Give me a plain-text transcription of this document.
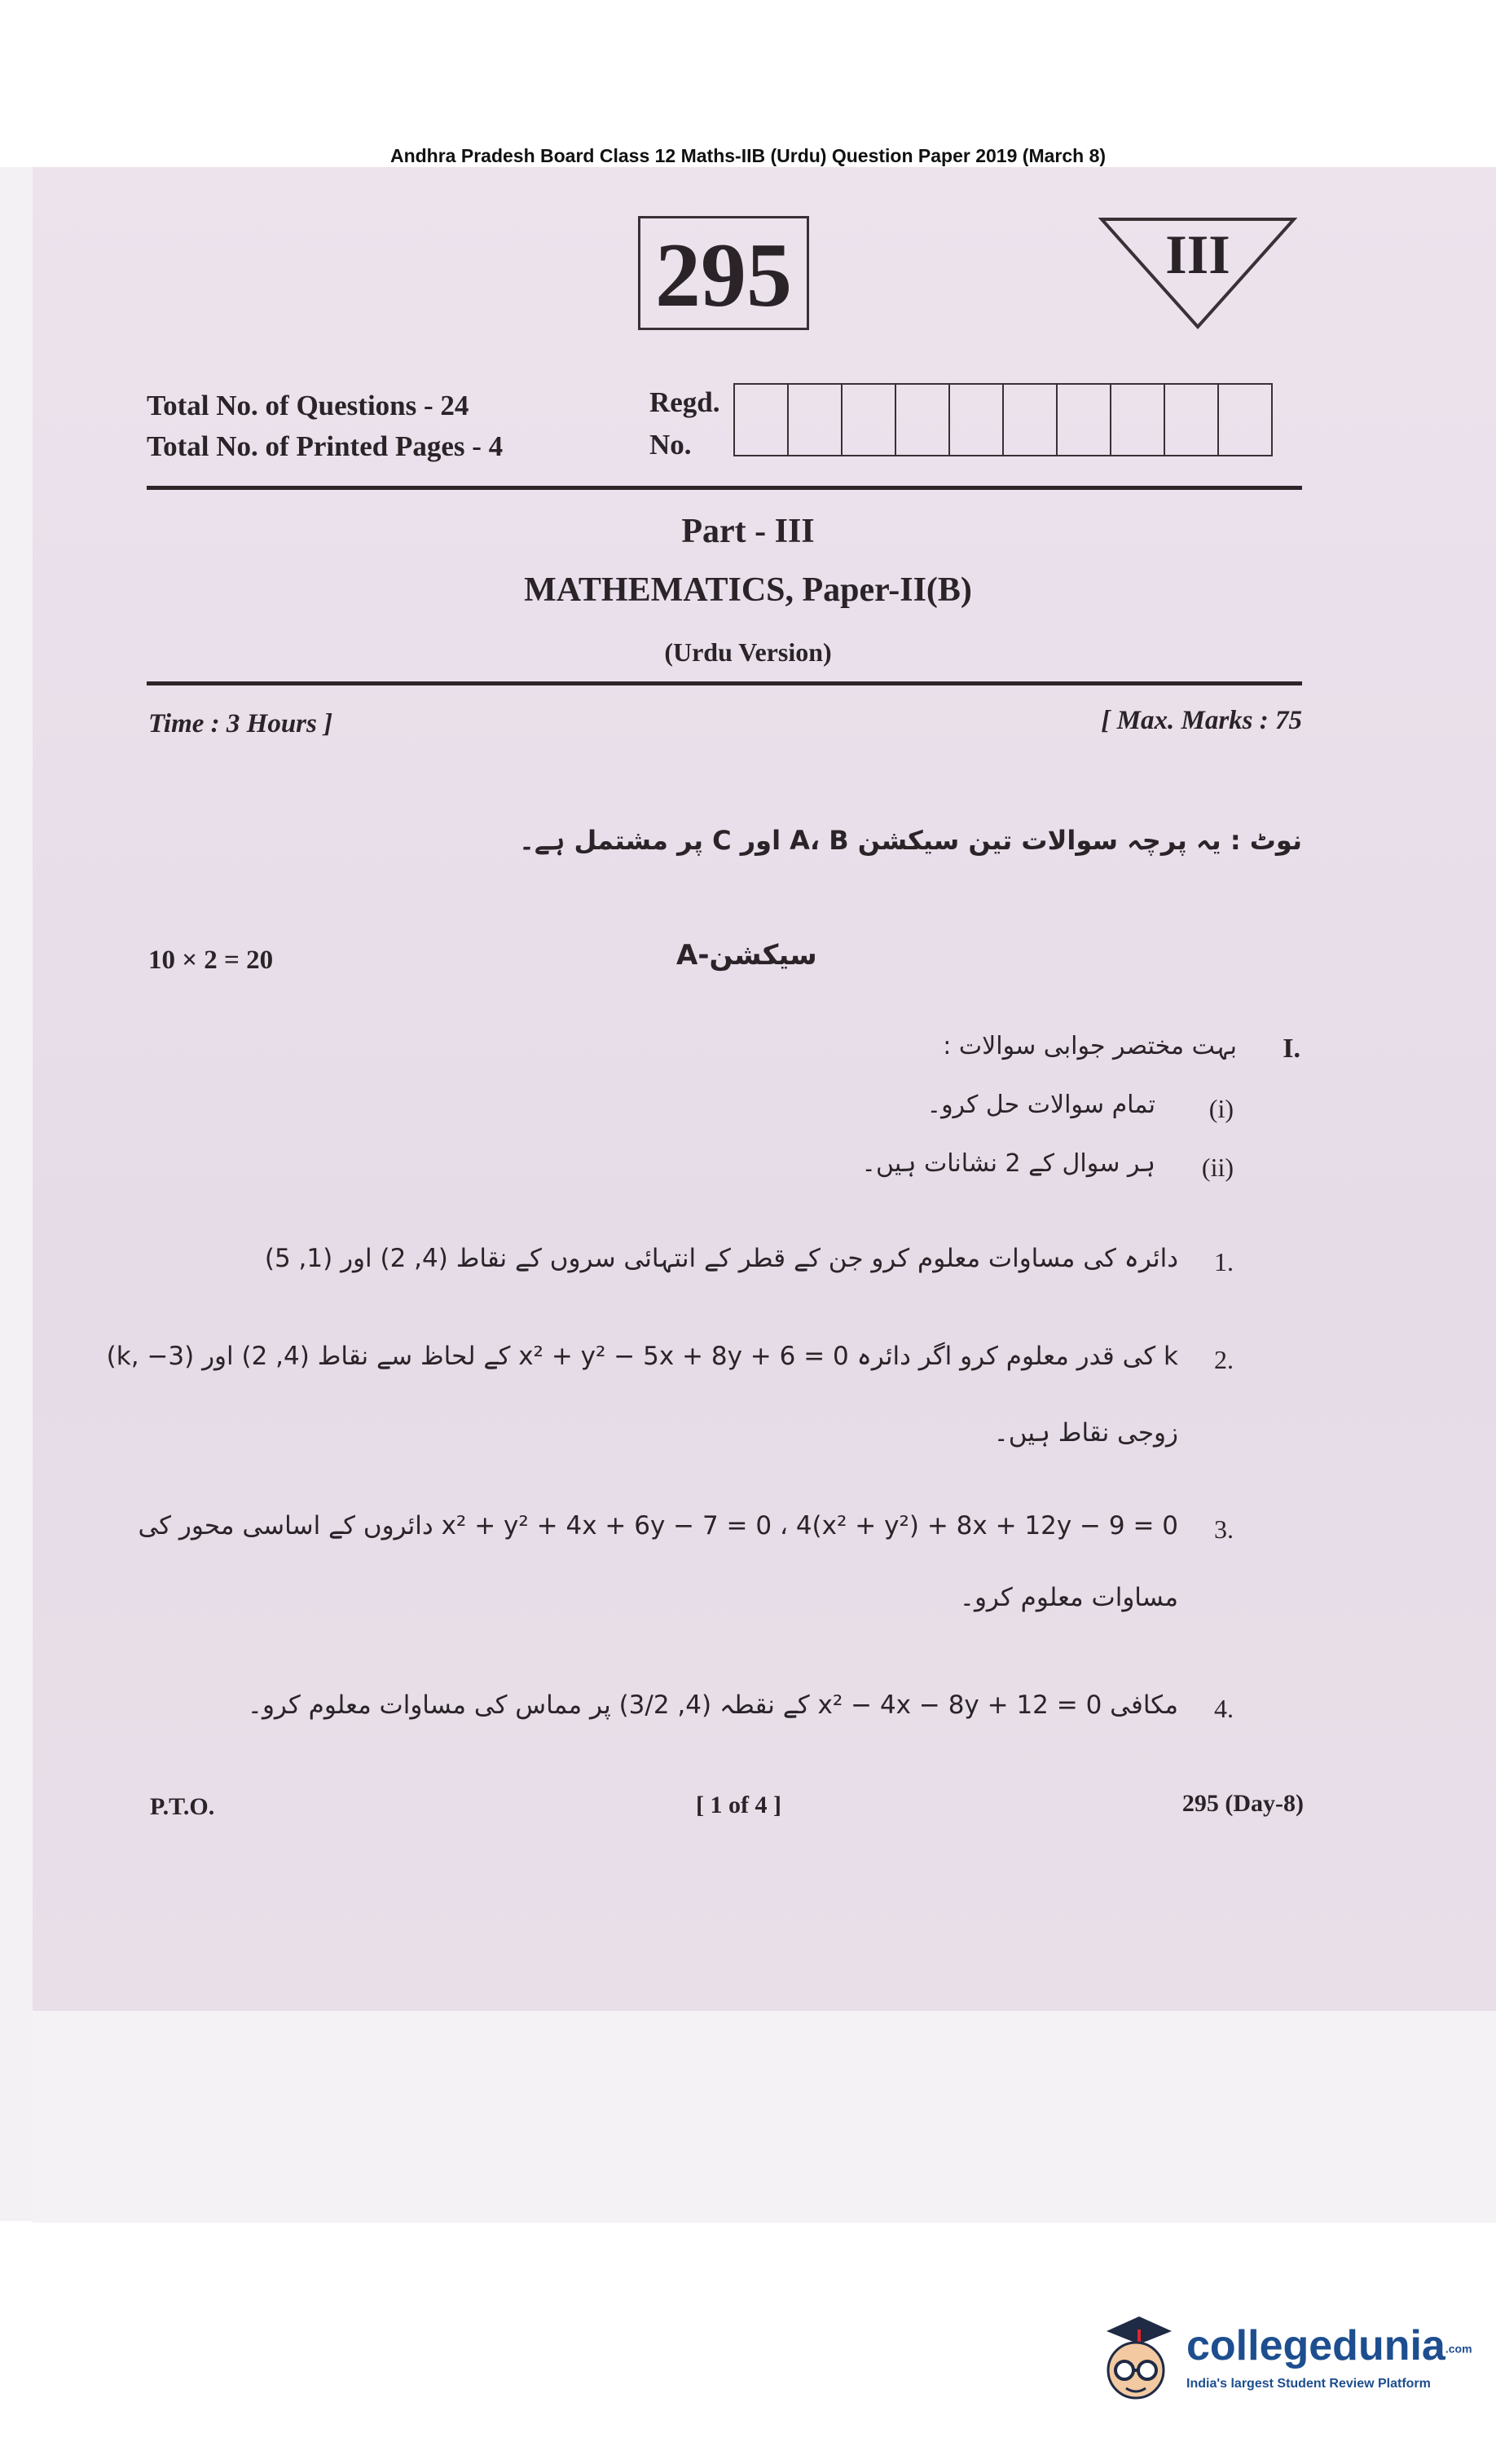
Andhra Pradesh Board Class 12 Maths-IIB (Urdu) Question Paper 2019 (March 8)
295	III
Total No. of Questions - 24
Total No. of Printed Pages - 4
Regd.
No.
Part - III
MATHEMATICS, Paper-II(B)
(Urdu Version)
Time : 3 Hours ]	[ Max. Marks : 75
نوٹ : یہ پرچہ سوالات تین سیکشن A، B اور C پر مشتمل ہے۔
10 × 2 = 20	سیکشن-A
I.
بہت مختصر جوابی سوالات :
(i)
تمام سوالات حل کرو۔
(ii)
ہر سوال کے 2 نشانات ہیں۔
1.
دائرہ کی مساوات معلوم کرو جن کے قطر کے انتہائی سروں کے نقاط (4, 2) اور (1, 5)
2.
k کی قدر معلوم کرو اگر دائرہ x² + y² − 5x + 8y + 6 = 0 کے لحاظ سے نقاط (4, 2) اور (k, −3)
زوجی نقاط ہیں۔
3.
x² + y² + 4x + 6y − 7 = 0 ، 4(x² + y²) + 8x + 12y − 9 = 0 دائروں کے اساسی محور کی
مساوات معلوم کرو۔
4.
مکافی x² − 4x − 8y + 12 = 0 کے نقطہ (4, 3/2) پر مماس کی مساوات معلوم کرو۔
P.T.O.	[ 1 of 4 ]	295 (Day-8)
collegedunia.com
India's largest Student Review Platform
